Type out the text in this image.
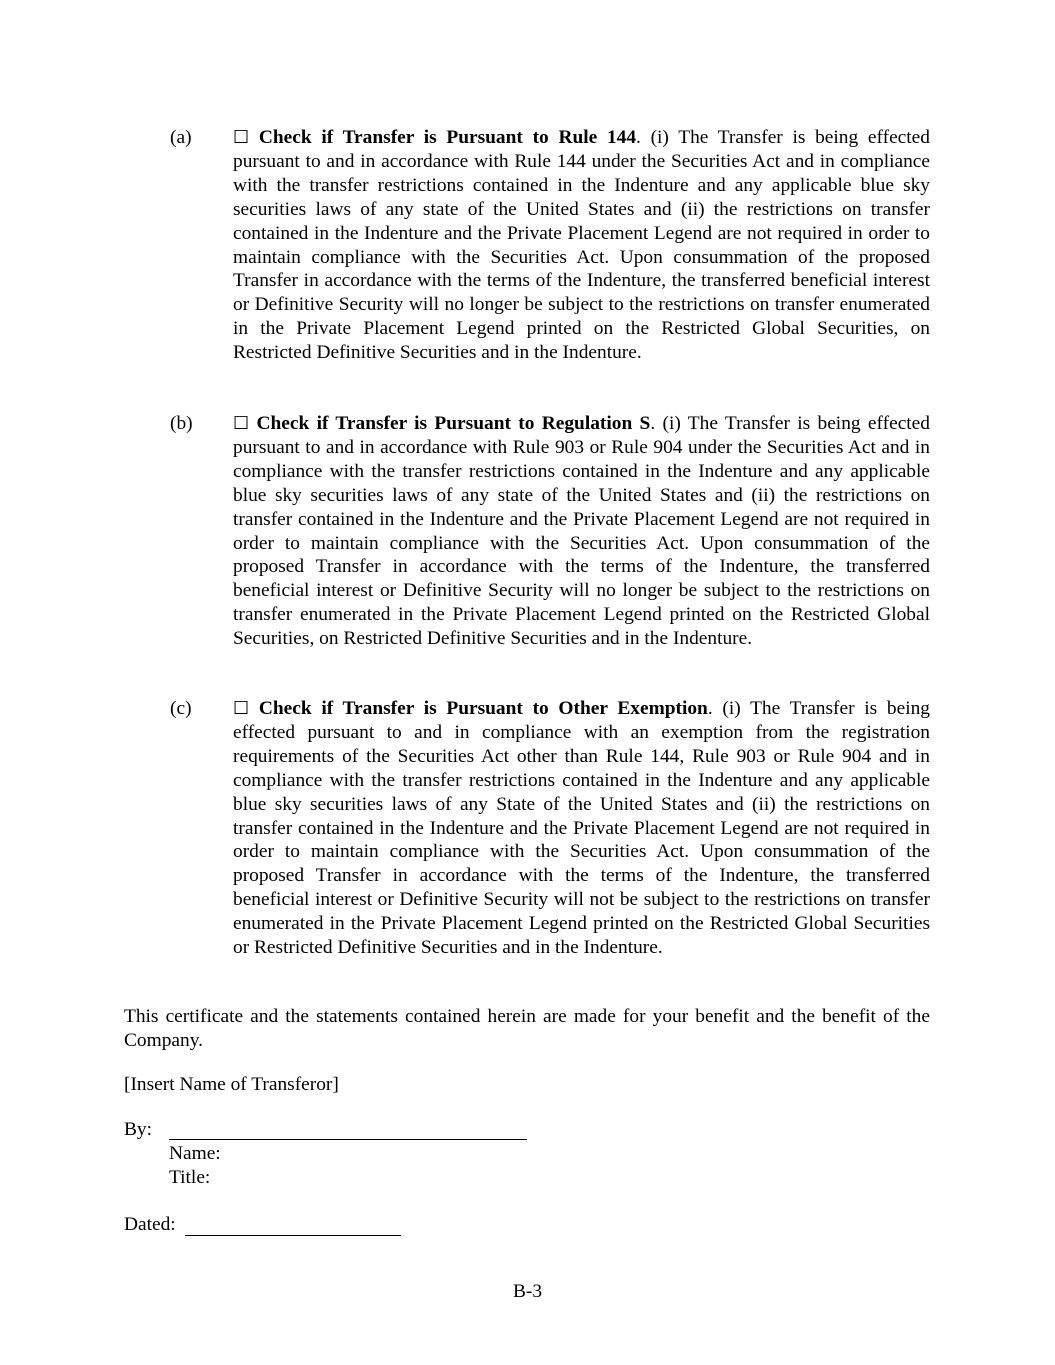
(a) ☐ Check if Transfer is Pursuant to Rule 144. (i) The Transfer is being effected pursuant to and in accordance with Rule 144 under the Securities Act and in compliance with the transfer restrictions contained in the Indenture and any applicable blue sky securities laws of any state of the United States and (ii) the restrictions on transfer contained in the Indenture and the Private Placement Legend are not required in order to maintain compliance with the Securities Act. Upon consummation of the proposed Transfer in accordance with the terms of the Indenture, the transferred beneficial interest or Definitive Security will no longer be subject to the restrictions on transfer enumerated in the Private Placement Legend printed on the Restricted Global Securities, on Restricted Definitive Securities and in the Indenture.
(b) ☐ Check if Transfer is Pursuant to Regulation S. (i) The Transfer is being effected pursuant to and in accordance with Rule 903 or Rule 904 under the Securities Act and in compliance with the transfer restrictions contained in the Indenture and any applicable blue sky securities laws of any state of the United States and (ii) the restrictions on transfer contained in the Indenture and the Private Placement Legend are not required in order to maintain compliance with the Securities Act. Upon consummation of the proposed Transfer in accordance with the terms of the Indenture, the transferred beneficial interest or Definitive Security will no longer be subject to the restrictions on transfer enumerated in the Private Placement Legend printed on the Restricted Global Securities, on Restricted Definitive Securities and in the Indenture.
(c) ☐ Check if Transfer is Pursuant to Other Exemption. (i) The Transfer is being effected pursuant to and in compliance with an exemption from the registration requirements of the Securities Act other than Rule 144, Rule 903 or Rule 904 and in compliance with the transfer restrictions contained in the Indenture and any applicable blue sky securities laws of any State of the United States and (ii) the restrictions on transfer contained in the Indenture and the Private Placement Legend are not required in order to maintain compliance with the Securities Act. Upon consummation of the proposed Transfer in accordance with the terms of the Indenture, the transferred beneficial interest or Definitive Security will not be subject to the restrictions on transfer enumerated in the Private Placement Legend printed on the Restricted Global Securities or Restricted Definitive Securities and in the Indenture.
This certificate and the statements contained herein are made for your benefit and the benefit of the Company.
[Insert Name of Transferor]
By:
Name:
Title:
Dated:
B-3
